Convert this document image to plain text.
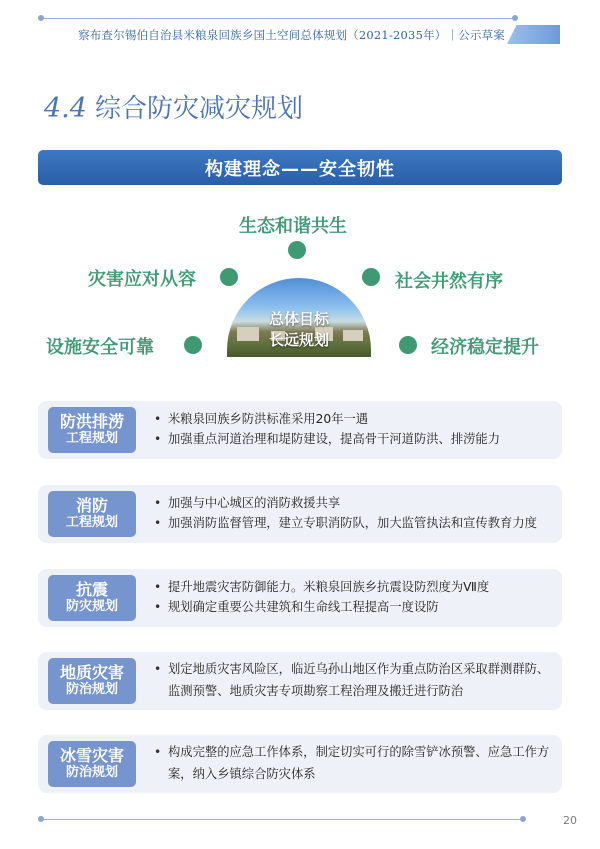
察布查尔锡伯自治县米粮泉回族乡国土空间总体规划（2021-2035年）｜公示草案
4.4 综合防灾减灾规划
构建理念——安全韧性
生态和谐共生
灾害应对从容	社会井然有序
设施安全可靠	经济稳定提升
总体目标
长远规划
防洪排涝
工程规划
• 米粮泉回族乡防洪标准采用20年一遇
• 加强重点河道治理和堤防建设，提高骨干河道防洪、排涝能力
消防
工程规划
• 加强与中心城区的消防救援共享
• 加强消防监督管理，建立专职消防队，加大监管执法和宣传教育力度
抗震
防灾规划
• 提升地震灾害防御能力。米粮泉回族乡抗震设防烈度为Ⅶ度
• 规划确定重要公共建筑和生命线工程提高一度设防
地质灾害
防治规划
• 划定地质灾害风险区，临近乌孙山地区作为重点防治区采取群测群防、监测预警、地质灾害专项勘察工程治理及搬迁进行防治
冰雪灾害
防治规划
• 构成完整的应急工作体系，制定切实可行的除雪铲冰预警、应急工作方案，纳入乡镇综合防灾体系
20
